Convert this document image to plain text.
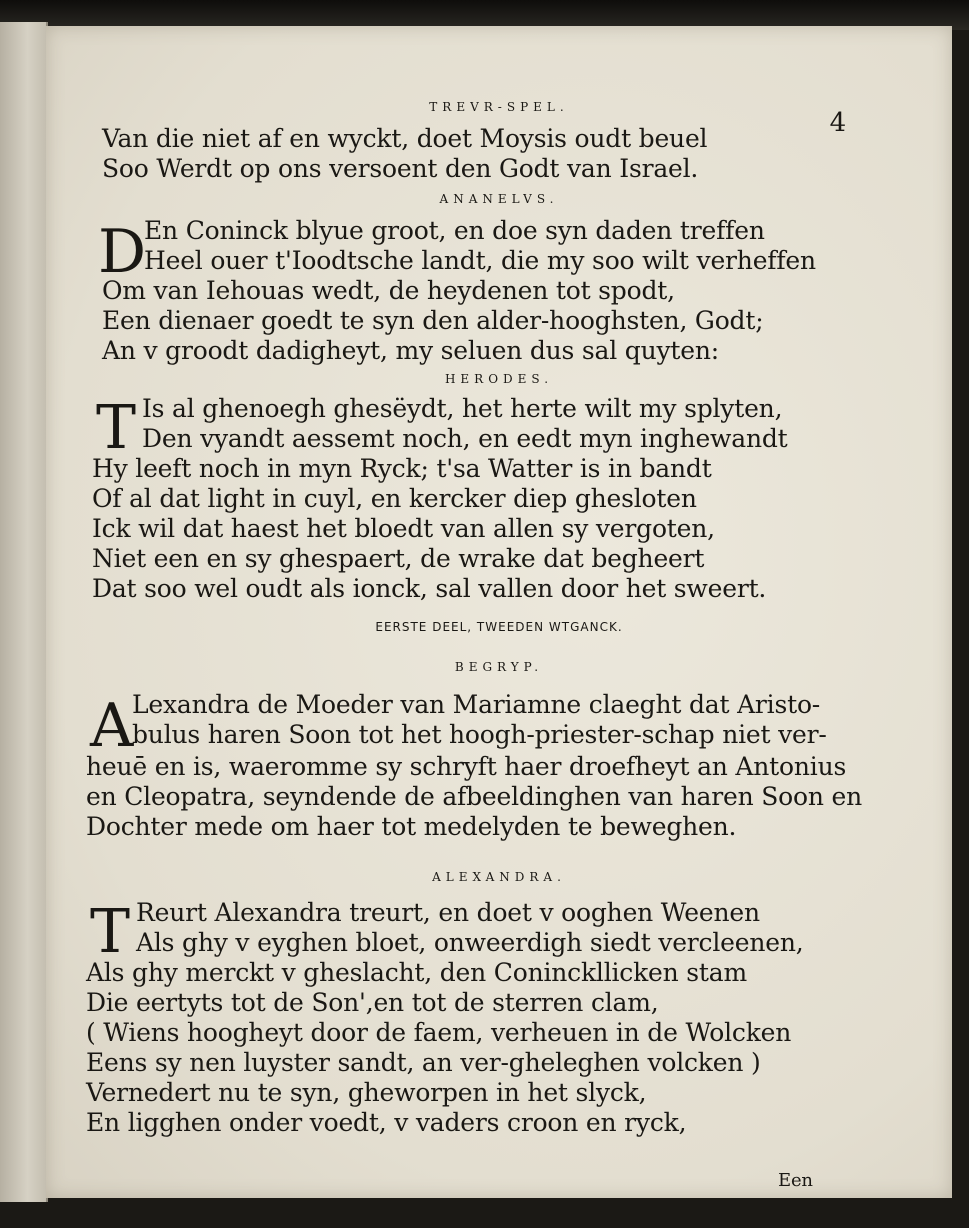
TREVR-SPEL.
4
Van die niet af en wyckt, doet Moysis oudt beuel
Soo Werdt op ons versoent den Godt van Israel.
ANANELVS.
D
En Coninck blyue groot, en doe syn daden treffen
Heel ouer t'Ioodtsche landt, die my soo wilt verheffen
Om van Iehouas wedt, de heydenen tot spodt,
Een dienaer goedt te syn den alder-hooghsten, Godt;
An v groodt dadigheyt, my seluen dus sal quyten:
HERODES.
T Is al ghenoegh ghesëydt, het herte wilt my splyten,
Den vyandt aessemt noch, en eedt myn inghewandt
Hy leeft noch in myn Ryck; t'sa Watter is in bandt
Of al dat light in cuyl, en kercker diep ghesloten
Ick wil dat haest het bloedt van allen sy vergoten,
Niet een en sy ghespaert, de wrake dat begheert
Dat soo wel oudt als ionck, sal vallen door het sweert.
EERSTE DEEL, TWEEDEN WTGANCK.
BEGRYP.
A
Lexandra de Moeder van Mariamne claeght dat Aristo-
bulus haren Soon tot het hoogh-priester-schap niet ver-
heuē en is, waeromme sy schryft haer droefheyt an Antonius
en Cleopatra, seyndende de afbeeldinghen van haren Soon en
Dochter mede om haer tot medelyden te beweghen.
ALEXANDRA.
T Reurt Alexandra treurt, en doet v ooghen Weenen
Als ghy v eyghen bloet, onweerdigh siedt vercleenen,
Als ghy merckt v gheslacht, den Coninckllicken stam
Die eertyts tot de Son',en tot de sterren clam,
( Wiens hoogheyt door de faem, verheuen in de Wolcken
Eens sy nen luyster sandt, an ver-gheleghen volcken )
Vernedert nu te syn, gheworpen in het slyck,
En ligghen onder voedt, v vaders croon en ryck,
Een
